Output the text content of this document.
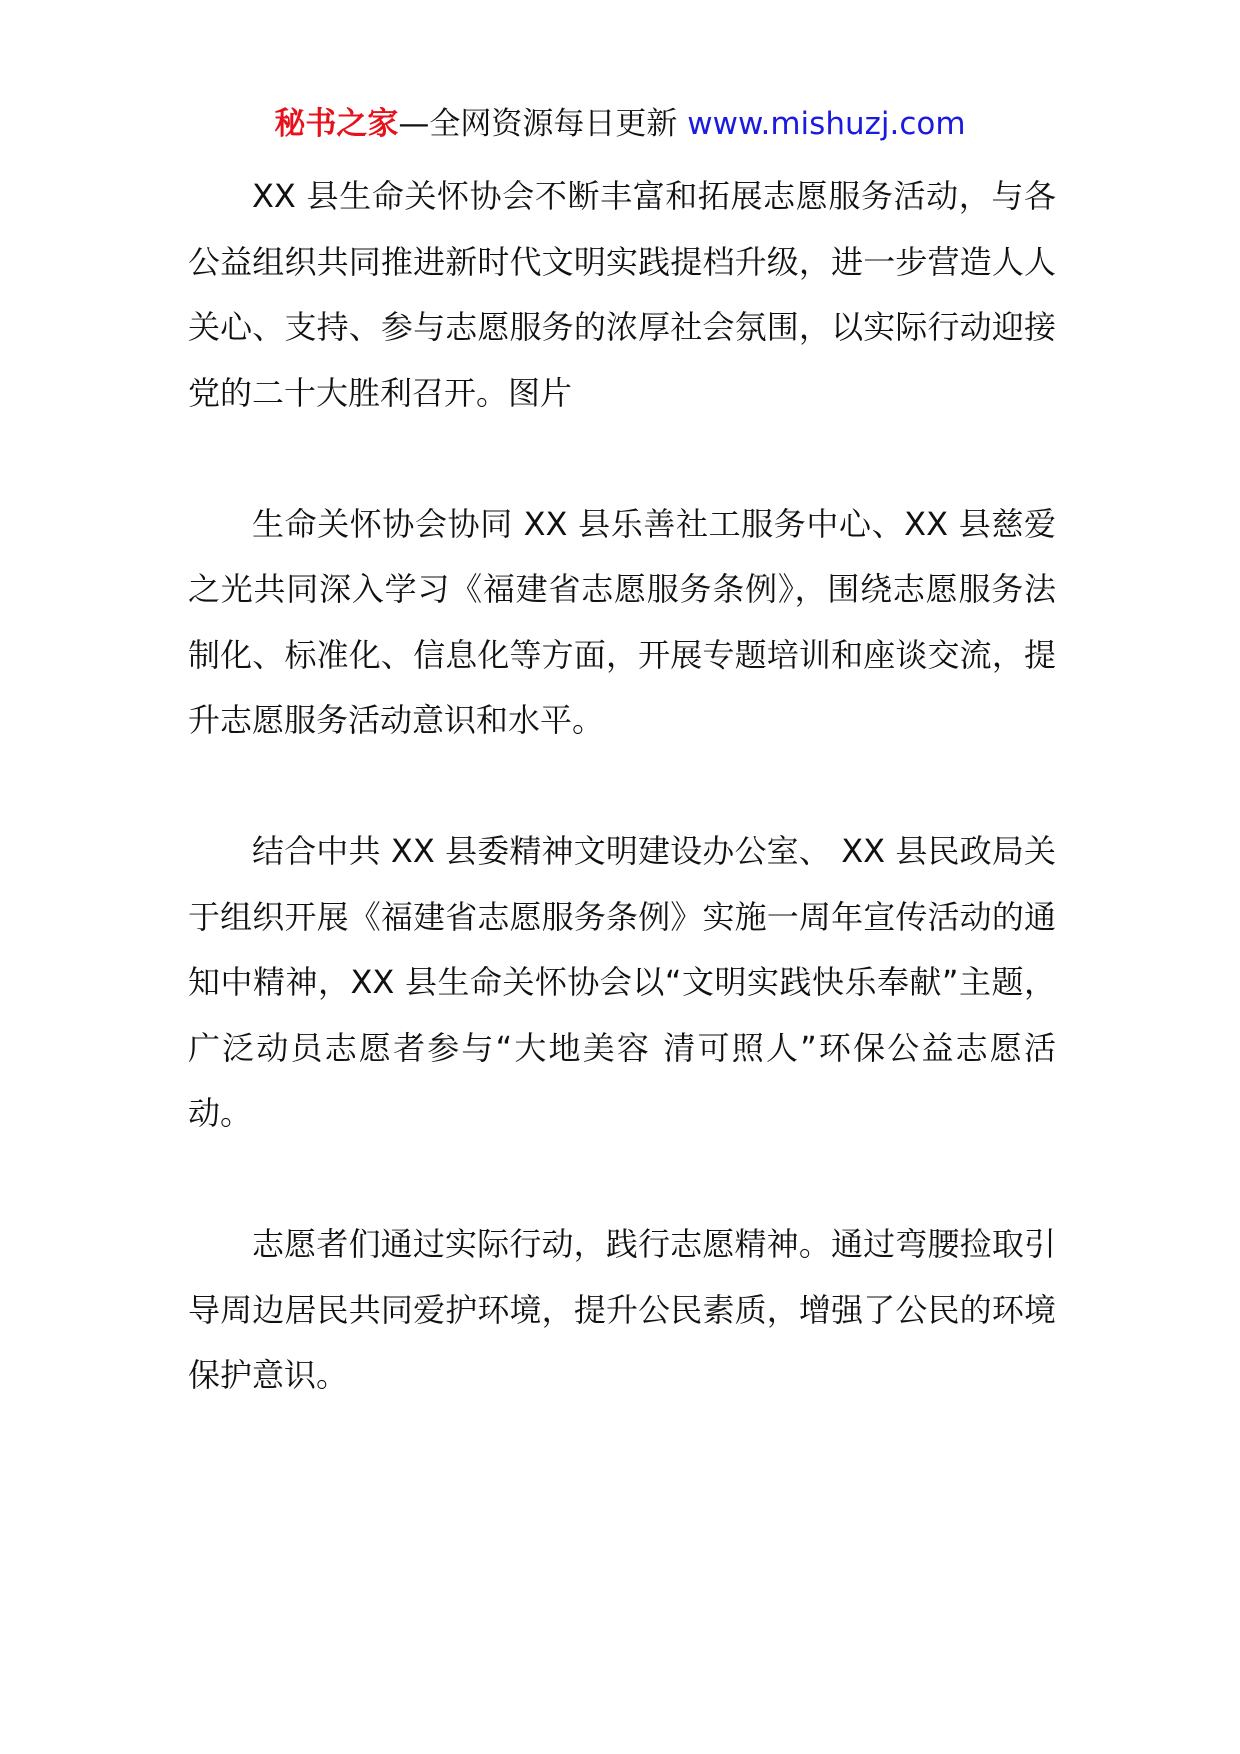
秘书之家—全网资源每日更新 www.mishuzj.com

XX 县生命关怀协会不断丰富和拓展志愿服务活动，与各公益组织共同推进新时代文明实践提档升级，进一步营造人人关心、支持、参与志愿服务的浓厚社会氛围，以实际行动迎接党的二十大胜利召开。图片

生命关怀协会协同 XX 县乐善社工服务中心、XX 县慈爱之光共同深入学习《福建省志愿服务条例》，围绕志愿服务法制化、标准化、信息化等方面，开展专题培训和座谈交流，提升志愿服务活动意识和水平。

结合中共 XX 县委精神文明建设办公室、 XX 县民政局关于组织开展《福建省志愿服务条例》实施一周年宣传活动的通知中精神，XX 县生命关怀协会以“文明实践快乐奉献”主题，广泛动员志愿者参与“大地美容 清可照人”环保公益志愿活动。

志愿者们通过实际行动，践行志愿精神。通过弯腰捡取引导周边居民共同爱护环境，提升公民素质，增强了公民的环境保护意识。
